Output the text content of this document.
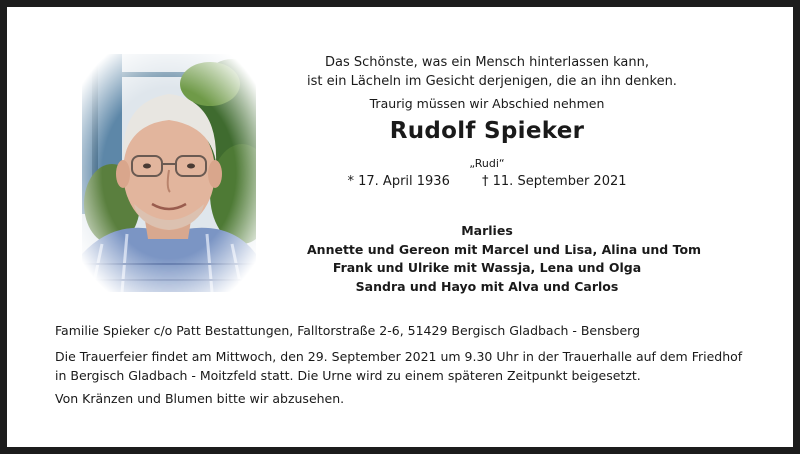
Das Schönste, was ein Mensch hinterlassen kann,
ist ein Lächeln im Gesicht derjenigen, die an ihn denken.
Traurig müssen wir Abschied nehmen
Rudolf Spieker
„Rudi“
* 17. April 1936 † 11. September 2021
Marlies
Annette und Gereon mit Marcel und Lisa, Alina und Tom
Frank und Ulrike mit Wassja, Lena und Olga
Sandra und Hayo mit Alva und Carlos
Familie Spieker c/o Patt Bestattungen, Falltorstraße 2-6, 51429 Bergisch Gladbach - Bensberg
Die Trauerfeier findet am Mittwoch, den 29. September 2021 um 9.30 Uhr in der Trauerhalle auf dem Friedhof
in Bergisch Gladbach - Moitzfeld statt. Die Urne wird zu einem späteren Zeitpunkt beigesetzt.
Von Kränzen und Blumen bitte wir abzusehen.
